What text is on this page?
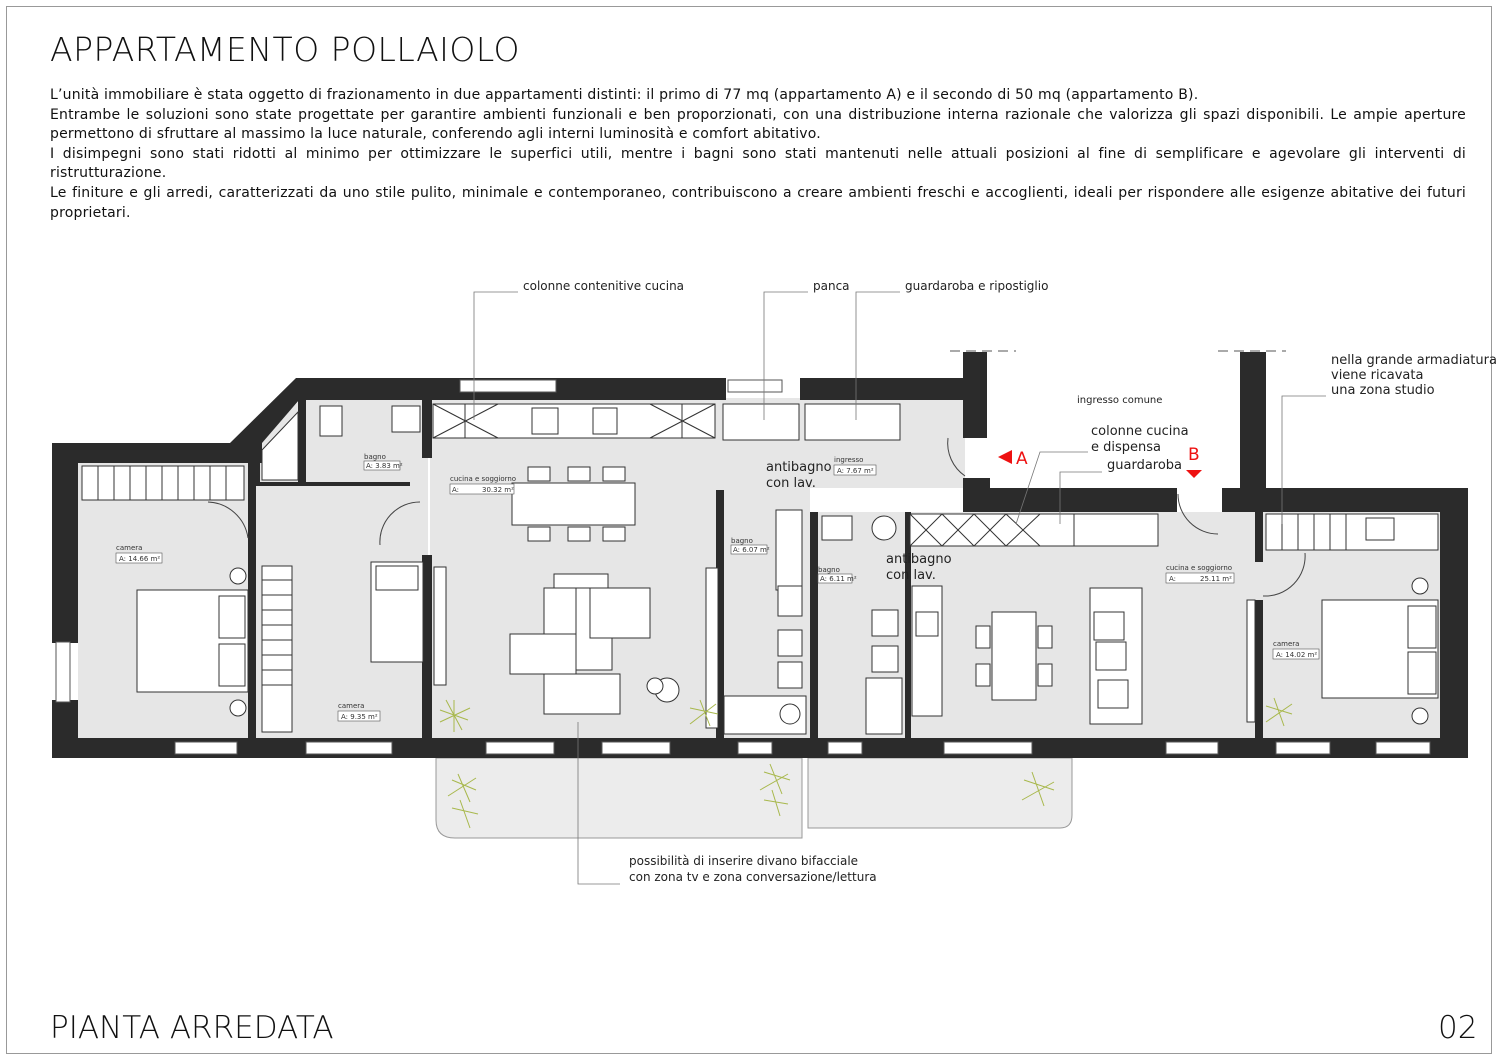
APPARTAMENTO POLLAIOLO

L’unità immobiliare è stata oggetto di frazionamento in due appartamenti distinti: il primo di 77 mq (appartamento A) e il secondo di 50 mq (appartamento B).

Entrambe le soluzioni sono state progettate per garantire ambienti funzionali e ben proporzionati, con una distribuzione interna razionale che valorizza gli spazi disponibili. Le ampie aperture permettono di sfruttare al massimo la luce naturale, conferendo agli interni luminosità e comfort abitativo.

I disimpegni sono stati ridotti al minimo per ottimizzare le superfici utili, mentre i bagni sono stati mantenuti nelle attuali posizioni al fine di semplificare e agevolare gli interventi di ristrutturazione.

Le finiture e gli arredi, caratterizzati da uno stile pulito, minimale e contemporaneo, contribuiscono a creare ambienti freschi e accoglienti, ideali per rispondere alle esigenze abitative dei futuri proprietari.

A	B
colonne contenitive cucina	panca	guardaroba e ripostiglio
nella grande armadiatura
viene ricavata
una zona studio
ingresso comune
colonne cucina
e dispensa
guardaroba
antibagno
con lav.
antibagno
con lav.
possibilità di inserire divano bifacciale
con zona tv e zona conversazione/lettura
bagno
A: 3.83 m²
cucina e soggiorno
A:	30.32 m²
ingresso
A: 7.67 m²
camera
A: 14.66 m²
camera
A: 9.35 m²
bagno
A: 6.07 m²
bagno
A: 6.11 m²
cucina e soggiorno
A:	25.11 m²
camera
A: 14.02 m²
PIANTA ARREDATA	02
